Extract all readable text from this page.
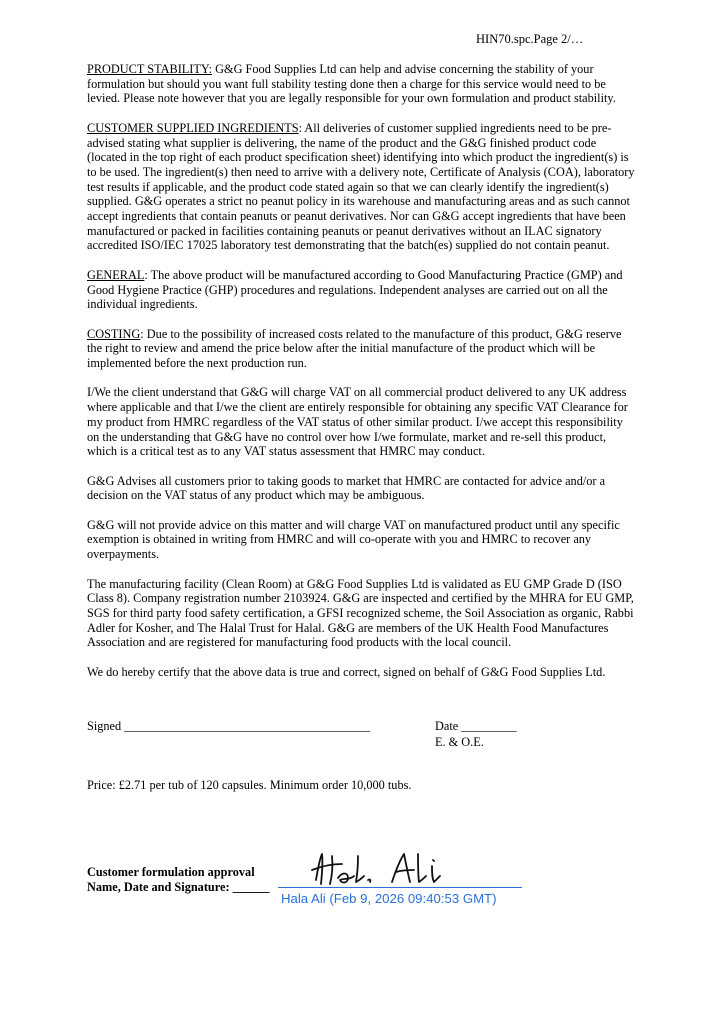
HIN70.spc.Page 2/…

PRODUCT STABILITY: G&G Food Supplies Ltd can help and advise concerning the stability of your formulation but should you want full stability testing done then a charge for this service would need to be levied. Please note however that you are legally responsible for your own formulation and product stability.

CUSTOMER SUPPLIED INGREDIENTS: All deliveries of customer supplied ingredients need to be pre-advised stating what supplier is delivering, the name of the product and the G&G finished product code (located in the top right of each product specification sheet) identifying into which product the ingredient(s) is to be used. The ingredient(s) then need to arrive with a delivery note, Certificate of Analysis (COA), laboratory test results if applicable, and the product code stated again so that we can clearly identify the ingredient(s) supplied. G&G operates a strict no peanut policy in its warehouse and manufacturing areas and as such cannot accept ingredients that contain peanuts or peanut derivatives. Nor can G&G accept ingredients that have been manufactured or packed in facilities containing peanuts or peanut derivatives without an ILAC signatory accredited ISO/IEC 17025 laboratory test demonstrating that the batch(es) supplied do not contain peanut.

GENERAL: The above product will be manufactured according to Good Manufacturing Practice (GMP) and Good Hygiene Practice (GHP) procedures and regulations. Independent analyses are carried out on all the individual ingredients.

COSTING: Due to the possibility of increased costs related to the manufacture of this product, G&G reserve the right to review and amend the price below after the initial manufacture of the product which will be implemented before the next production run.

I/We the client understand that G&G will charge VAT on all commercial product delivered to any UK address where applicable and that I/we the client are entirely responsible for obtaining any specific VAT Clearance for my product from HMRC regardless of the VAT status of other similar product. I/we accept this responsibility on the understanding that G&G have no control over how I/we formulate, market and re-sell this product, which is a critical test as to any VAT status assessment that HMRC may conduct.

G&G Advises all customers prior to taking goods to market that HMRC are contacted for advice and/or a decision on the VAT status of any product which may be ambiguous.

G&G will not provide advice on this matter and will charge VAT on manufactured product until any specific exemption is obtained in writing from HMRC and will co-operate with you and HMRC to recover any overpayments.

The manufacturing facility (Clean Room) at G&G Food Supplies Ltd is validated as EU GMP Grade D (ISO Class 8). Company registration number 2103924. G&G are inspected and certified by the MHRA for EU GMP, SGS for third party food safety certification, a GFSI recognized scheme, the Soil Association as organic, Rabbi Adler for Kosher, and The Halal Trust for Halal. G&G are members of the UK Health Food Manufactures Association and are registered for manufacturing food products with the local council.

We do hereby certify that the above data is true and correct, signed on behalf of G&G Food Supplies Ltd.

Signed ________________________________________	Date _________
E. & O.E.
Price: £2.71 per tub of 120 capsules. Minimum order 10,000 tubs.
Customer formulation approval
Name, Date and Signature: ______
Hala Ali (Feb 9, 2026 09:40:53 GMT)
